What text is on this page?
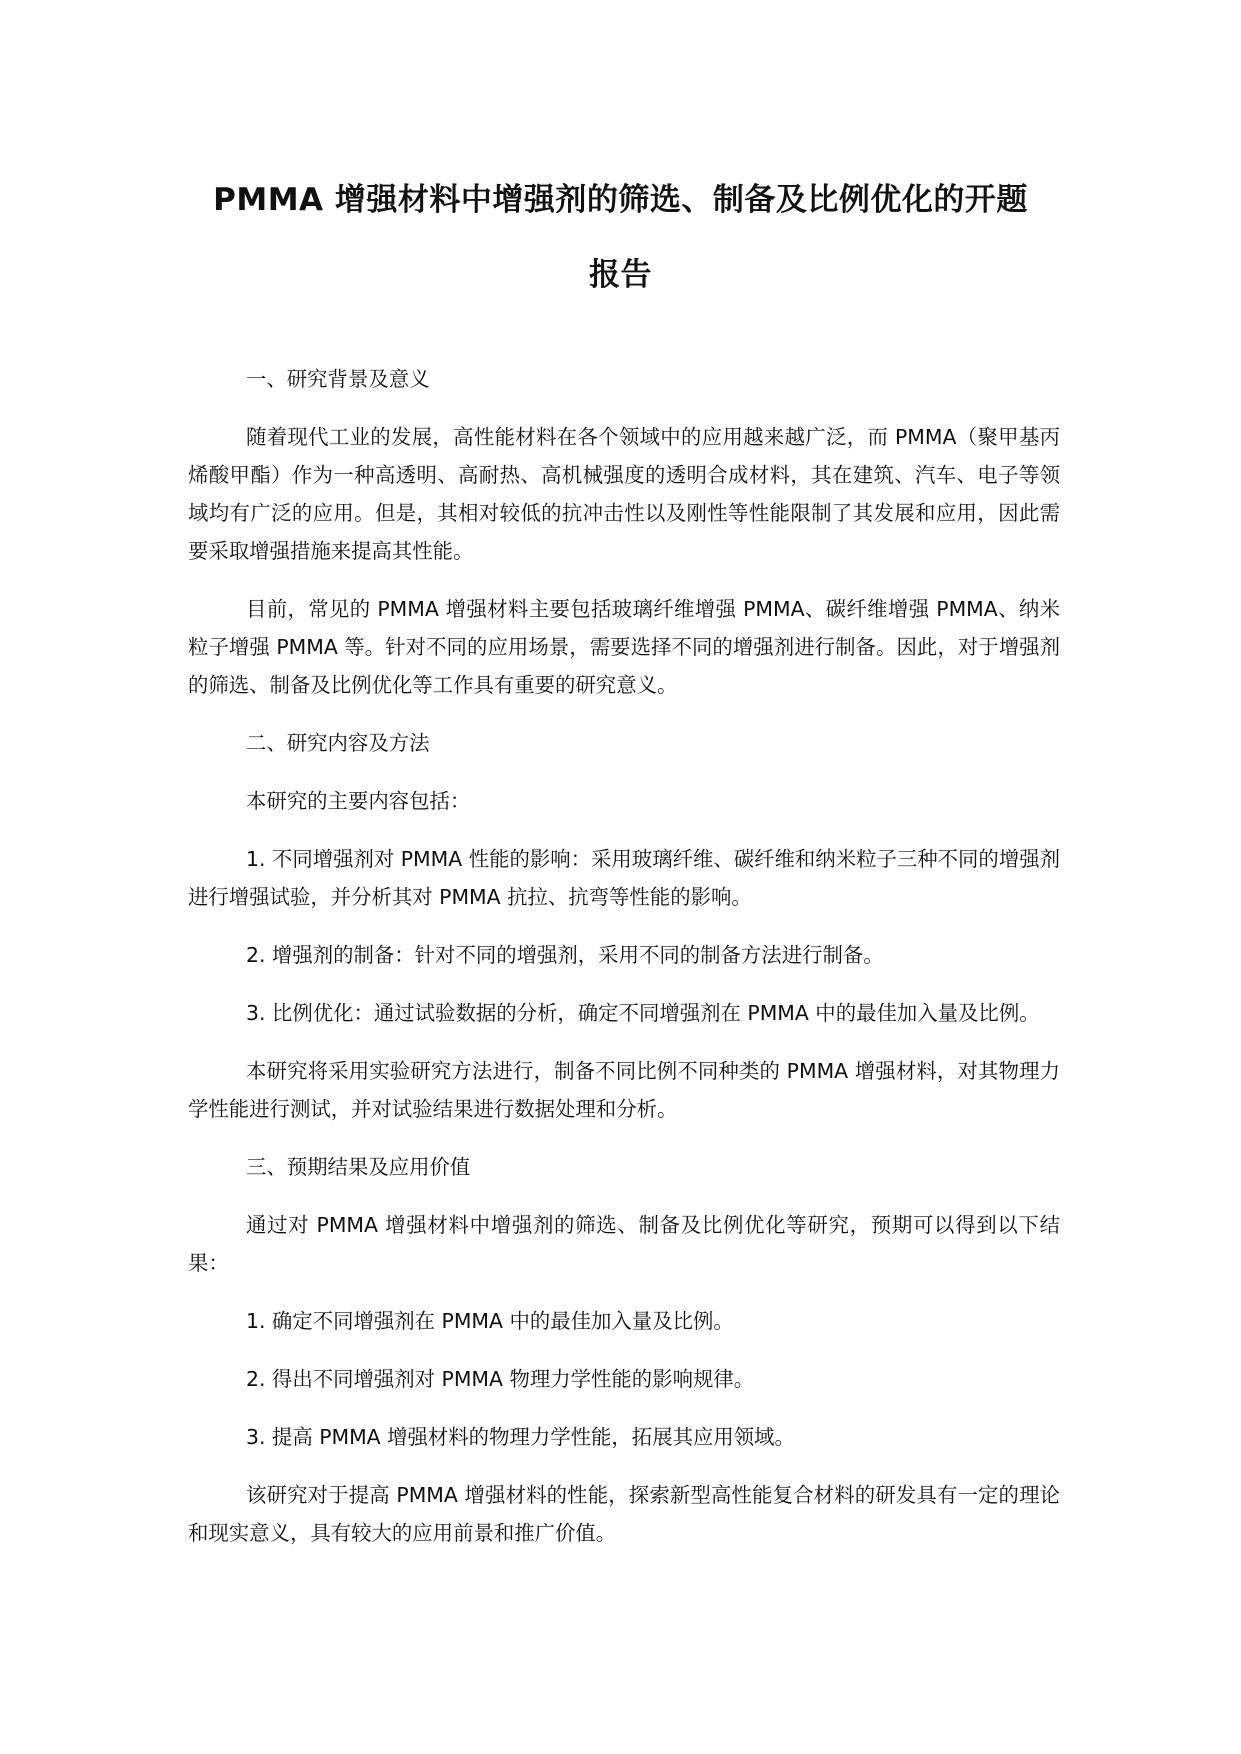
PMMA 增强材料中增强剂的筛选、制备及比例优化的开题
报告

一、研究背景及意义

随着现代工业的发展，高性能材料在各个领域中的应用越来越广泛，而 PMMA（聚甲基丙烯酸甲酯）作为一种高透明、高耐热、高机械强度的透明合成材料，其在建筑、汽车、电子等领域均有广泛的应用。但是，其相对较低的抗冲击性以及刚性等性能限制了其发展和应用，因此需要采取增强措施来提高其性能。

目前，常见的 PMMA 增强材料主要包括玻璃纤维增强 PMMA、碳纤维增强 PMMA、纳米粒子增强 PMMA 等。针对不同的应用场景，需要选择不同的增强剂进行制备。因此，对于增强剂的筛选、制备及比例优化等工作具有重要的研究意义。

二、研究内容及方法

本研究的主要内容包括：

1. 不同增强剂对 PMMA 性能的影响：采用玻璃纤维、碳纤维和纳米粒子三种不同的增强剂进行增强试验，并分析其对 PMMA 抗拉、抗弯等性能的影响。

2. 增强剂的制备：针对不同的增强剂，采用不同的制备方法进行制备。

3. 比例优化：通过试验数据的分析，确定不同增强剂在 PMMA 中的最佳加入量及比例。

本研究将采用实验研究方法进行，制备不同比例不同种类的 PMMA 增强材料，对其物理力学性能进行测试，并对试验结果进行数据处理和分析。

三、预期结果及应用价值

通过对 PMMA 增强材料中增强剂的筛选、制备及比例优化等研究，预期可以得到以下结果：

1. 确定不同增强剂在 PMMA 中的最佳加入量及比例。

2. 得出不同增强剂对 PMMA 物理力学性能的影响规律。

3. 提高 PMMA 增强材料的物理力学性能，拓展其应用领域。

该研究对于提高 PMMA 增强材料的性能，探索新型高性能复合材料的研发具有一定的理论和现实意义，具有较大的应用前景和推广价值。
